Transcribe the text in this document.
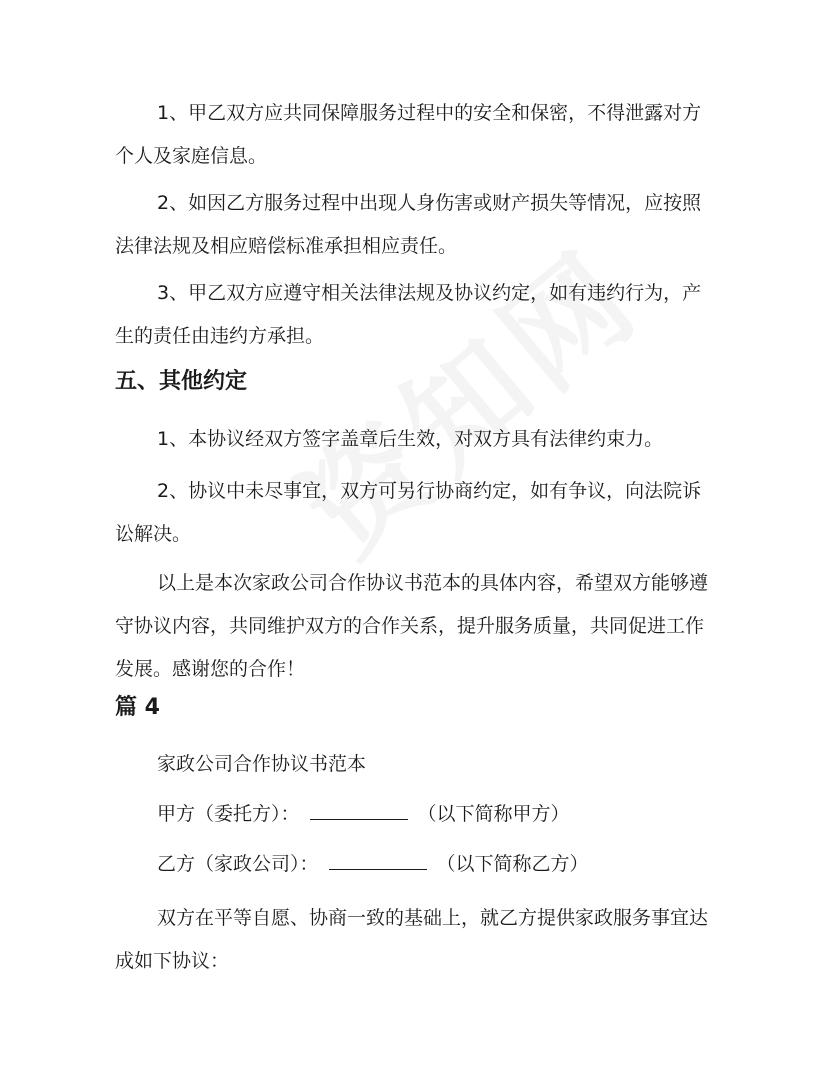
1、甲乙双方应共同保障服务过程中的安全和保密，不得泄露对方个人及家庭信息。

2、如因乙方服务过程中出现人身伤害或财产损失等情况，应按照法律法规及相应赔偿标准承担相应责任。

3、甲乙双方应遵守相关法律法规及协议约定，如有违约行为，产生的责任由违约方承担。

五、其他约定

1、本协议经双方签字盖章后生效，对双方具有法律约束力。

2、协议中未尽事宜，双方可另行协商约定，如有争议，向法院诉讼解决。

以上是本次家政公司合作协议书范本的具体内容，希望双方能够遵守协议内容，共同维护双方的合作关系，提升服务质量，共同促进工作发展。感谢您的合作！

篇 4

家政公司合作协议书范本

甲方（委托方）：	（以下简称甲方）

乙方（家政公司）：	（以下简称乙方）

双方在平等自愿、协商一致的基础上，就乙方提供家政服务事宜达成如下协议：
